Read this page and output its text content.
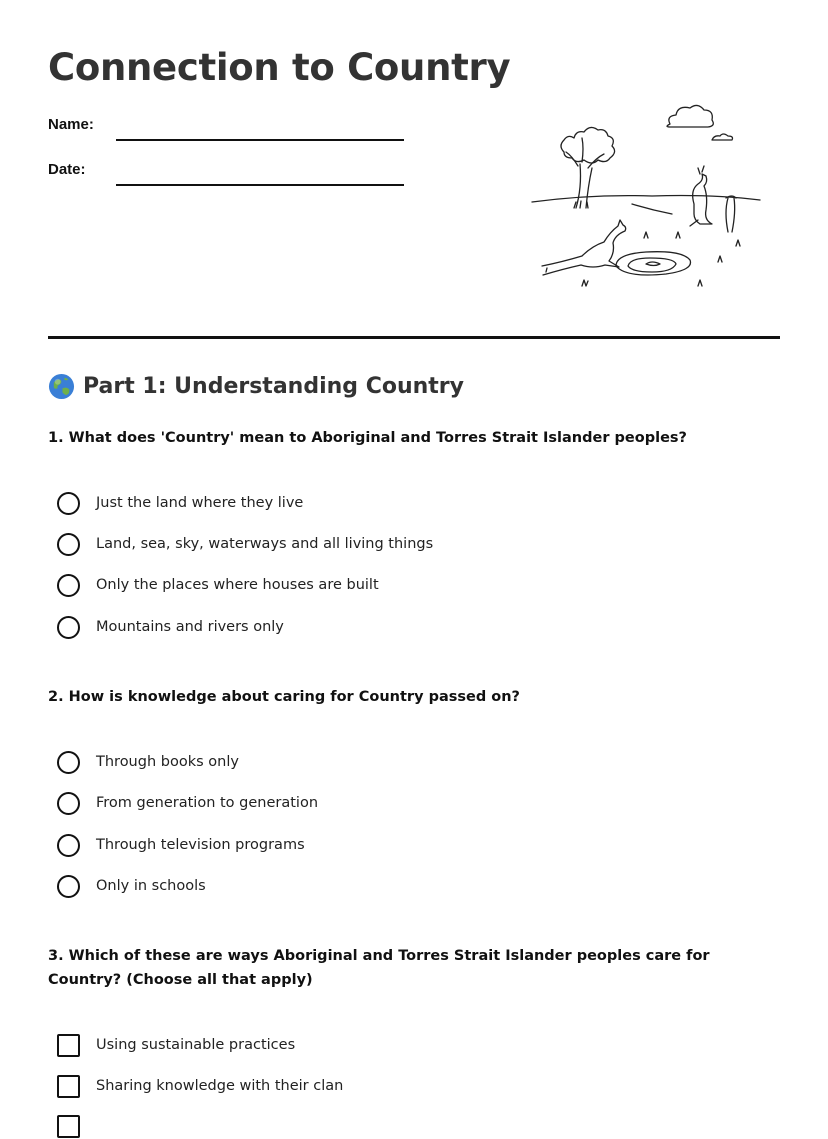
Connection to Country
Name:
Date:
Part 1: Understanding Country

1. What does 'Country' mean to Aboriginal and Torres Strait Islander peoples?

Just the land where they live
Land, sea, sky, waterways and all living things
Only the places where houses are built
Mountains and rivers only

2. How is knowledge about caring for Country passed on?

Through books only
From generation to generation
Through television programs
Only in schools

3. Which of these are ways Aboriginal and Torres Strait Islander peoples care for Country? (Choose all that apply)

Using sustainable practices
Sharing knowledge with their clan
